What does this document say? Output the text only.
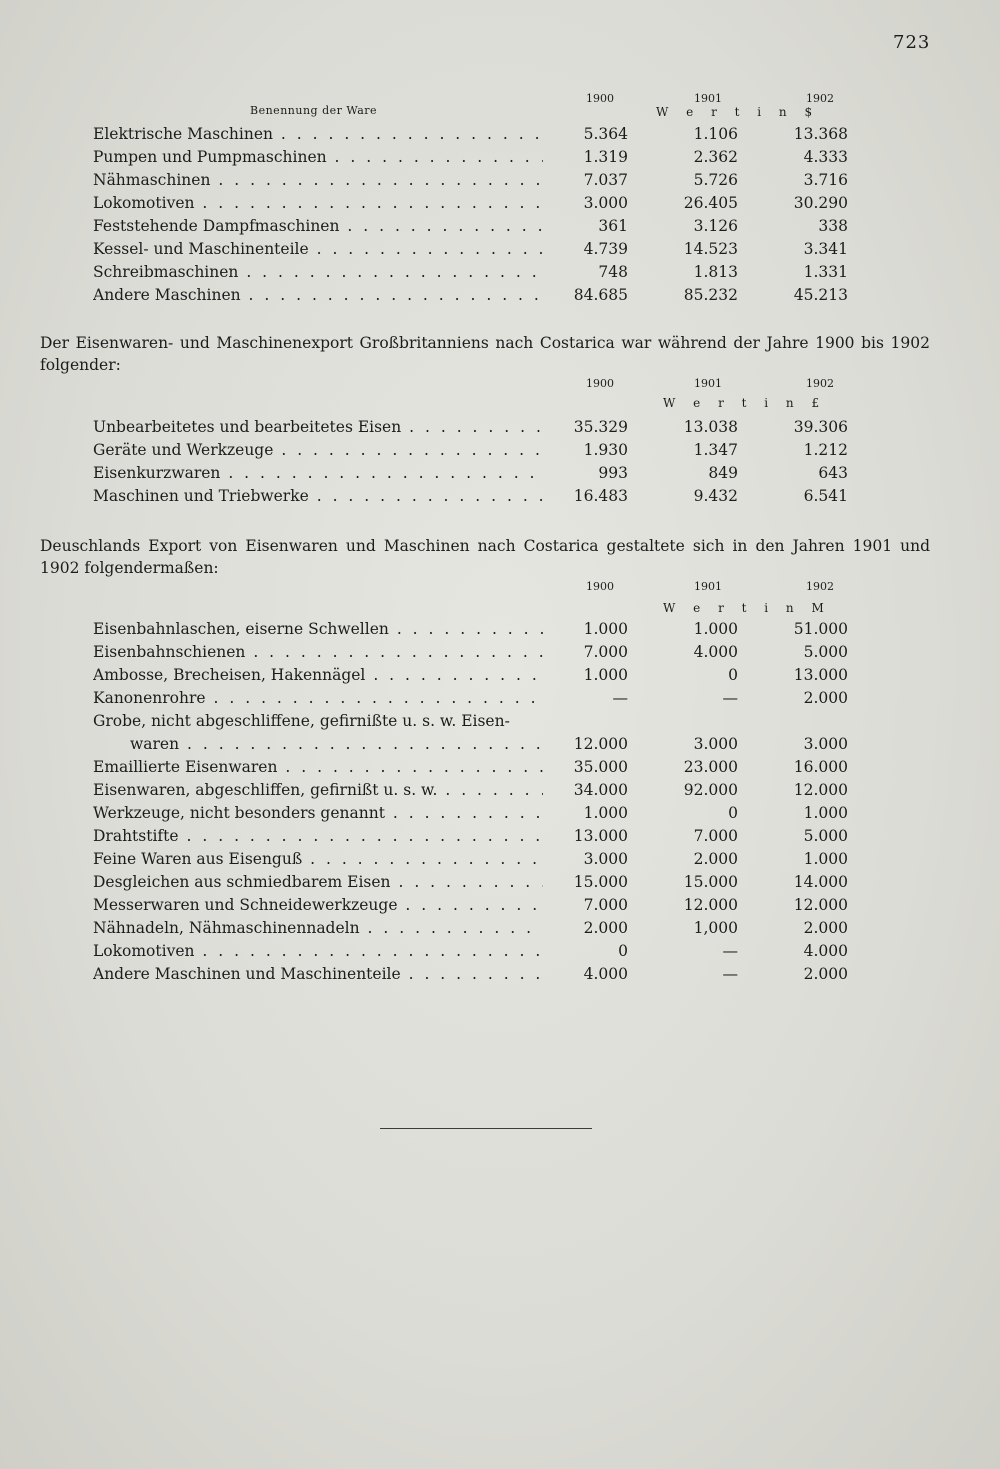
723
1900	1901	1902
Benennung der Ware	W e r t i n $
Elektrische Maschinen . . .	5.364	1.106	13.368
Pumpen und Pumpmaschinen . . .	1.319	2.362	4.333
Nähmaschinen . . .	7.037	5.726	3.716
Lokomotiven . . .	3.000	26.405	30.290
Feststehende Dampfmaschinen . . .	361	3.126	338
Kessel- und Maschinenteile . . .	4.739	14.523	3.341
Schreibmaschinen . . .	748	1.813	1.331
Andere Maschinen . . .	84.685	85.232	45.213
Der Eisenwaren- und Maschinenexport Großbritanniens nach Costarica war während der Jahre 1900 bis 1902 folgender:
1900	1901	1902
W e r t i n £
Unbearbeitetes und bearbeitetes Eisen . . .	35.329	13.038	39.306
Geräte und Werkzeuge . . .	1.930	1.347	1.212
Eisenkurzwaren . . .	993	849	643
Maschinen und Triebwerke . . .	16.483	9.432	6.541
Deuschlands Export von Eisenwaren und Maschinen nach Costarica gestaltete sich in den Jahren 1901 und 1902 folgendermaßen:
1900	1901	1902
W e r t i n M
Eisenbahnlaschen, eiserne Schwellen . . .	1.000	1.000	51.000
Eisenbahnschienen . . .	7.000	4.000	5.000
Ambosse, Brecheisen, Hakennägel . . .	1.000	0	13.000
Kanonenrohre . . .	—	—	2.000
Grobe, nicht abgeschliffene, gefirnißte u. s. w. Eisen-
waren . . .	12.000	3.000	3.000
Emaillierte Eisenwaren . . .	35.000	23.000	16.000
Eisenwaren, abgeschliffen, gefirnißt u. s. w. . . .	34.000	92.000	12.000
Werkzeuge, nicht besonders genannt . . .	1.000	0	1.000
Drahtstifte . . .	13.000	7.000	5.000
Feine Waren aus Eisenguß . . .	3.000	2.000	1.000
Desgleichen aus schmiedbarem Eisen . . .	15.000	15.000	14.000
Messerwaren und Schneidewerkzeuge . . .	7.000	12.000	12.000
Nähnadeln, Nähmaschinennadeln . . .	2.000	1,000	2.000
Lokomotiven . . .	0	—	4.000
Andere Maschinen und Maschinenteile . . .	4.000	—	2.000
